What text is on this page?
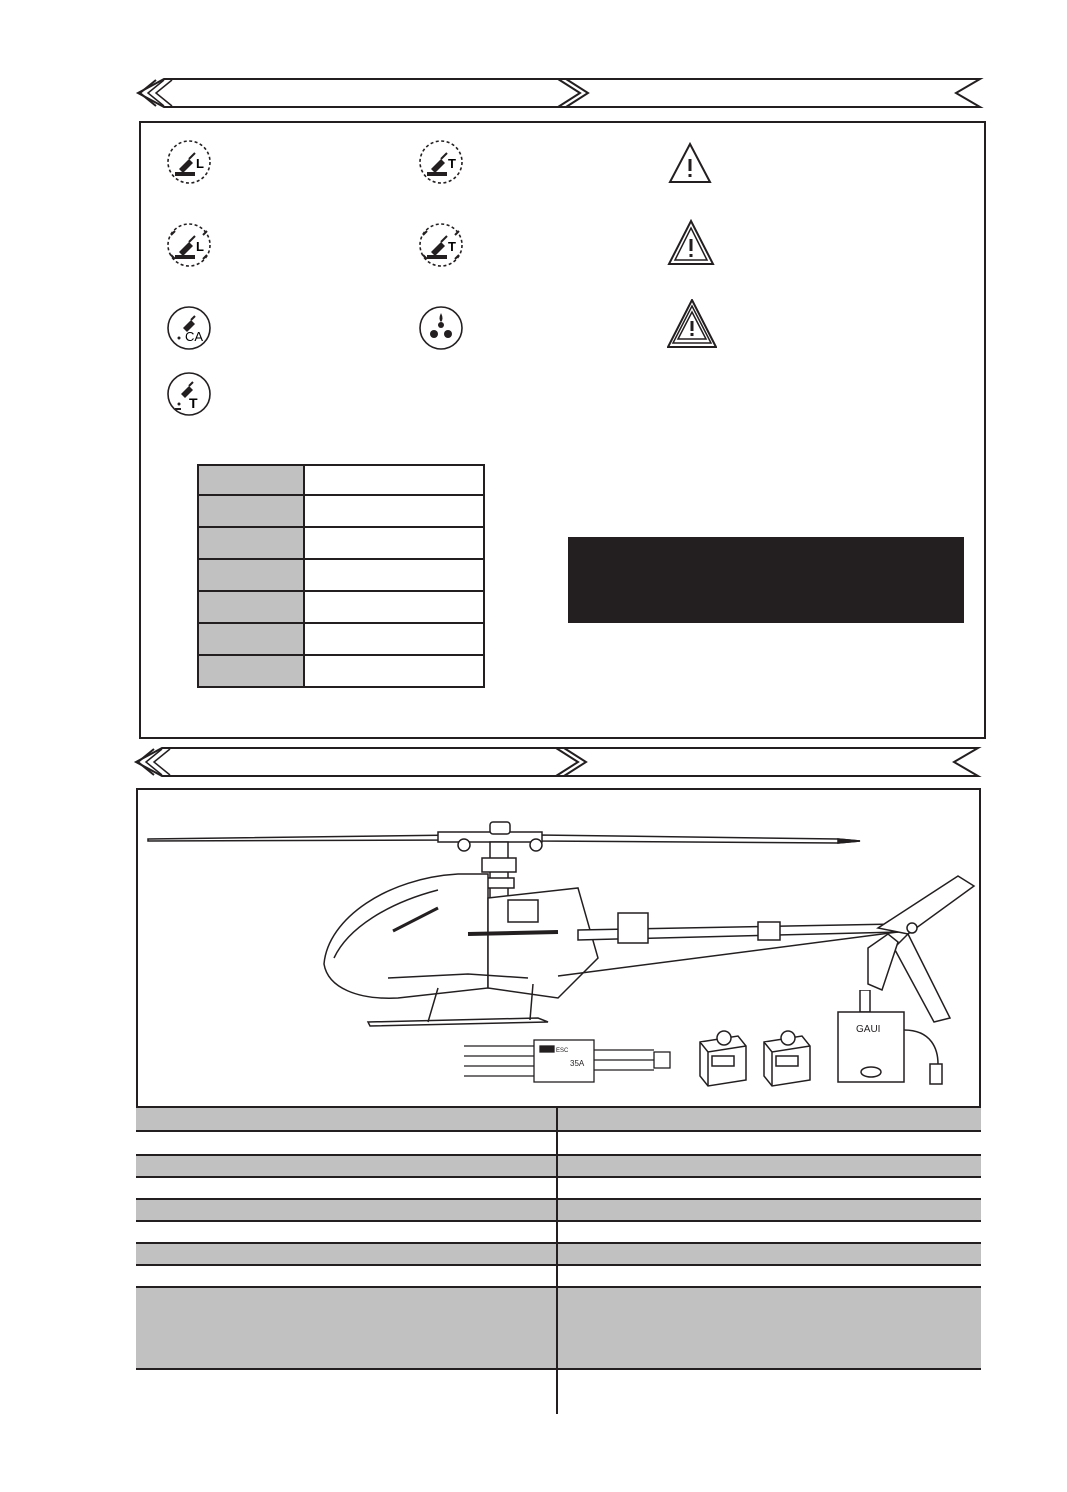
L	T
L	T
CA
T
ESC
35A
GAUI
